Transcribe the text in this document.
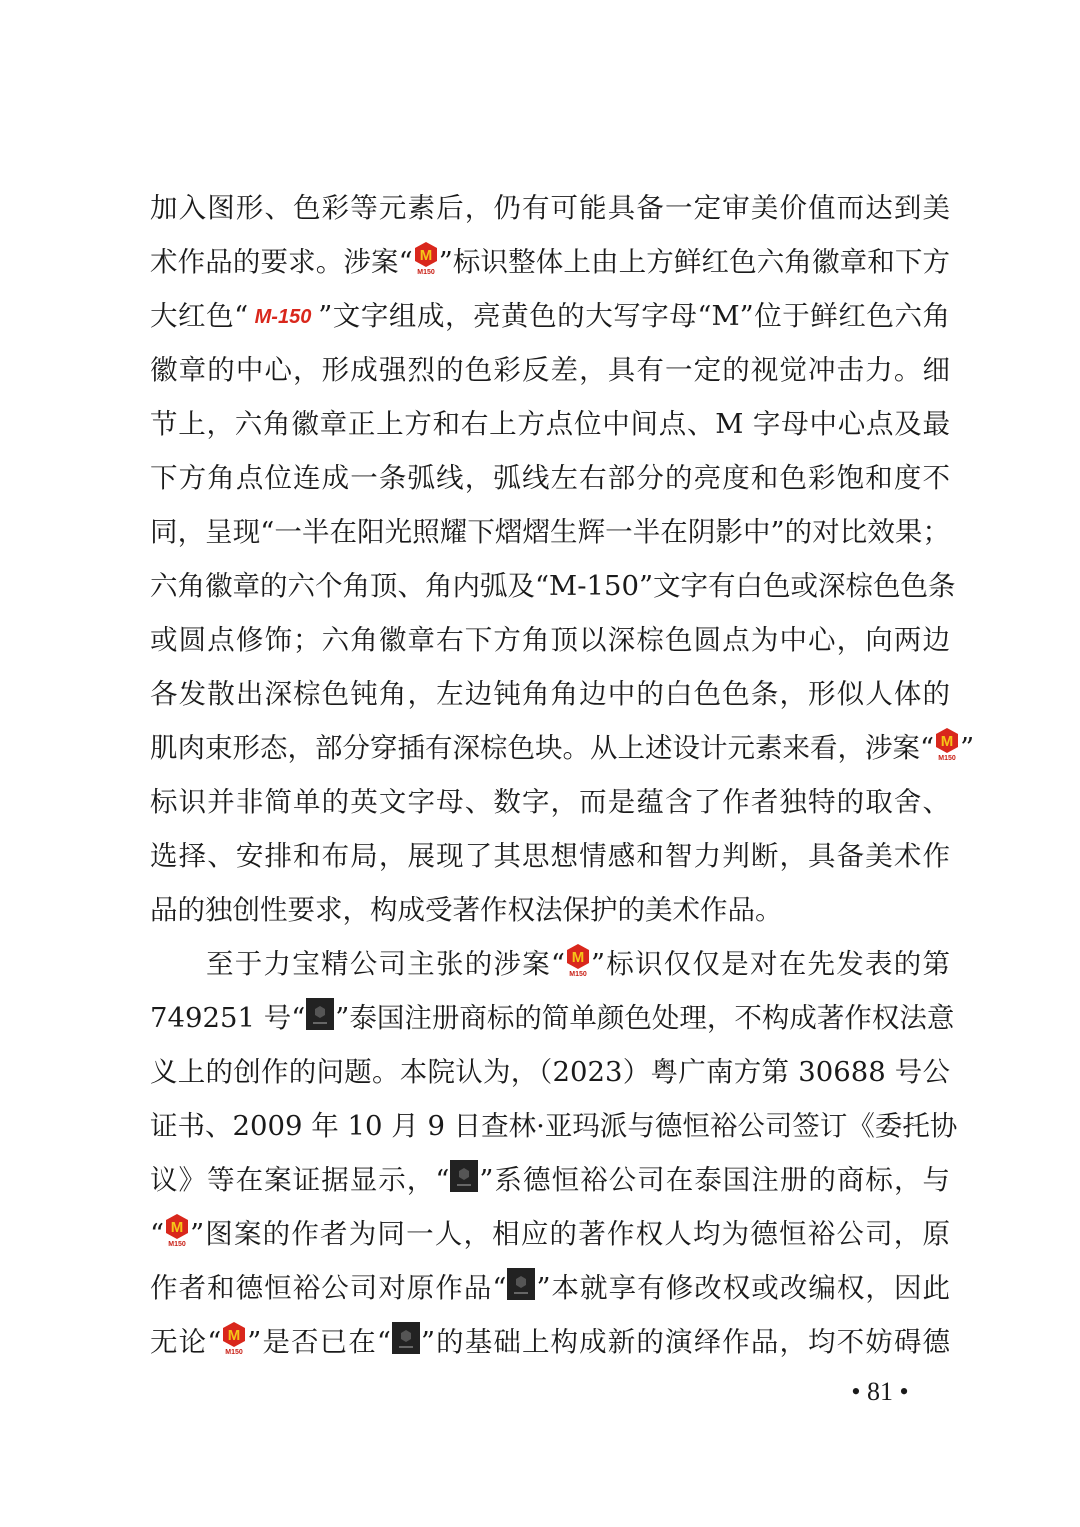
加入图形、色彩等元素后，仍有可能具备一定审美价值而达到美
术作品的要求。涉案“ M
M150 ”标识整体上由上方鲜红色六角徽章和下方
大红色“ M-150 ”文字组成，亮黄色的大写字母“M”位于鲜红色六角
徽章的中心，形成强烈的色彩反差，具有一定的视觉冲击力。细
节上，六角徽章正上方和右上方点位中间点、M 字母中心点及最
下方角点位连成一条弧线，弧线左右部分的亮度和色彩饱和度不
同，呈现“一半在阳光照耀下熠熠生辉一半在阴影中”的对比效果；
六角徽章的六个角顶、角内弧及“M-150”文字有白色或深棕色色条
或圆点修饰；六角徽章右下方角顶以深棕色圆点为中心，向两边
各发散出深棕色钝角，左边钝角角边中的白色色条，形似人体的
肌肉束形态，部分穿插有深棕色块。从上述设计元素来看，涉案“ M
M150 ”
标识并非简单的英文字母、数字，而是蕴含了作者独特的取舍、
选择、安排和布局，展现了其思想情感和智力判断，具备美术作
品的独创性要求，构成受著作权法保护的美术作品。
至于力宝精公司主张的涉案“ M
M150 ”标识仅仅是对在先发表的第
749251 号“ ”泰国注册商标的简单颜色处理，不构成著作权法意
义上的创作的问题。本院认为，（2023）粤广南方第 30688 号公
证书、2009 年 10 月 9 日查林·亚玛派与德恒裕公司签订《委托协
议》等在案证据显示，“ ”系德恒裕公司在泰国注册的商标，与
“ M
M150 ”图案的作者为同一人，相应的著作权人均为德恒裕公司，原
作者和德恒裕公司对原作品“ ”本就享有修改权或改编权，因此
无论“ M
M150 ”是否已在“ ”的基础上构成新的演绎作品，均不妨碍德
• 81 •
